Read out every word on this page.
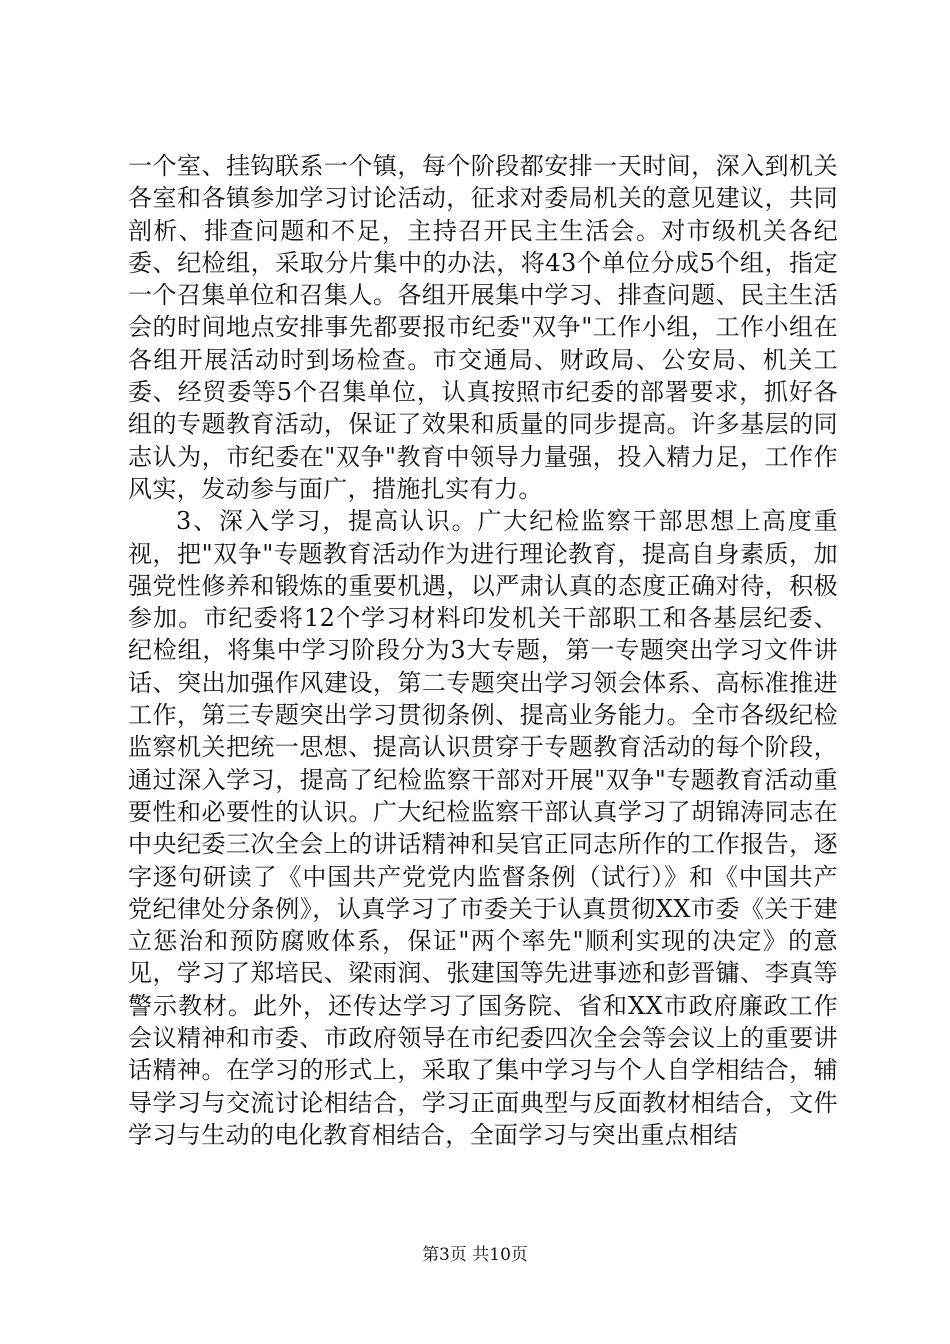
一个室、挂钩联系一个镇，每个阶段都安排一天时间，深入到机关各室和各镇参加学习讨论活动，征求对委局机关的意见建议，共同剖析、排查问题和不足，主持召开民主生活会。对市级机关各纪委、纪检组，采取分片集中的办法，将43个单位分成5个组，指定一个召集单位和召集人。各组开展集中学习、排查问题、民主生活会的时间地点安排事先都要报市纪委"双争"工作小组，工作小组在各组开展活动时到场检查。市交通局、财政局、公安局、机关工委、经贸委等5个召集单位，认真按照市纪委的部署要求，抓好各组的专题教育活动，保证了效果和质量的同步提高。许多基层的同志认为，市纪委在"双争"教育中领导力量强，投入精力足，工作作风实，发动参与面广，措施扎实有力。

3、深入学习，提高认识。广大纪检监察干部思想上高度重视，把"双争"专题教育活动作为进行理论教育，提高自身素质，加强党性修养和锻炼的重要机遇，以严肃认真的态度正确对待，积极参加。市纪委将12个学习材料印发机关干部职工和各基层纪委、纪检组，将集中学习阶段分为3大专题，第一专题突出学习文件讲话、突出加强作风建设，第二专题突出学习领会体系、高标准推进工作，第三专题突出学习贯彻条例、提高业务能力。全市各级纪检监察机关把统一思想、提高认识贯穿于专题教育活动的每个阶段，通过深入学习，提高了纪检监察干部对开展"双争"专题教育活动重要性和必要性的认识。广大纪检监察干部认真学习了胡锦涛同志在中央纪委三次全会上的讲话精神和吴官正同志所作的工作报告，逐字逐句研读了《中国共产党党内监督条例（试行）》和《中国共产党纪律处分条例》，认真学习了市委关于认真贯彻XX市委《关于建立惩治和预防腐败体系，保证"两个率先"顺利实现的决定》的意见，学习了郑培民、梁雨润、张建国等先进事迹和彭晋镛、李真等警示教材。此外，还传达学习了国务院、省和XX市政府廉政工作会议精神和市委、市政府领导在市纪委四次全会等会议上的重要讲话精神。在学习的形式上，采取了集中学习与个人自学相结合，辅导学习与交流讨论相结合，学习正面典型与反面教材相结合，文件学习与生动的电化教育相结合，全面学习与突出重点相结

第3页 共10页
